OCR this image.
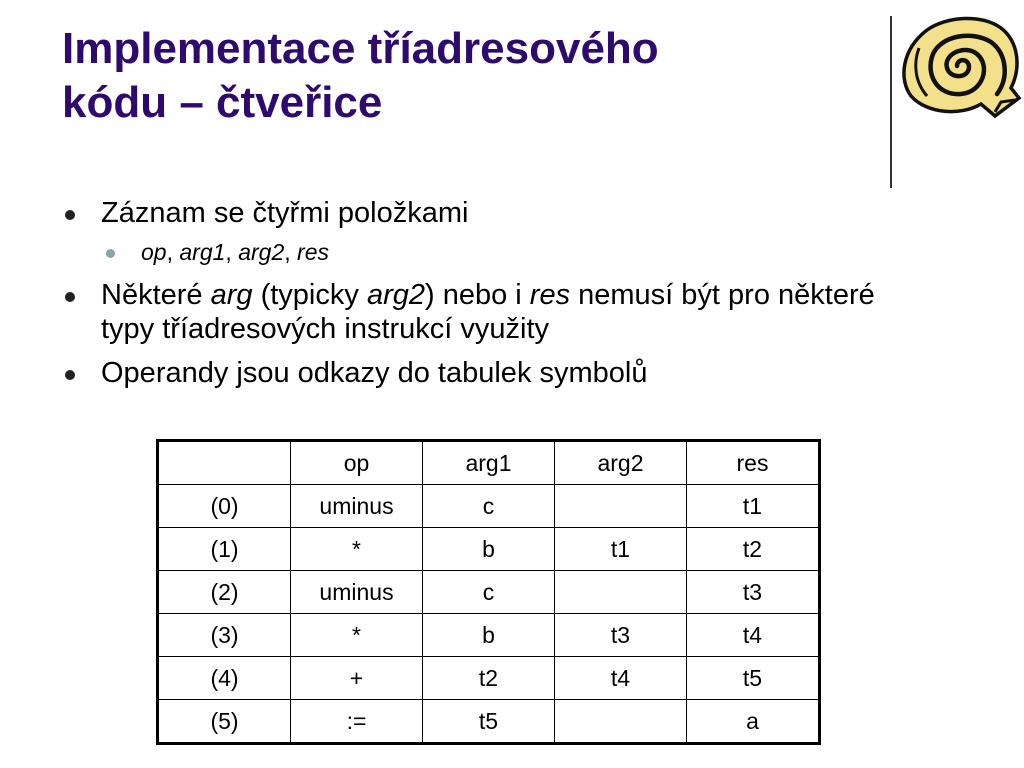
Implementace tříadresového
kódu – čtveřice
Záznam se čtyřmi položkami
op, arg1, arg2, res
Některé arg (typicky arg2) nebo i res nemusí být pro některé typy tříadresových instrukcí využity
Operandy jsou odkazy do tabulek symbolů
	op	arg1	arg2	res
(0)	uminus	c		t1
(1)	*	b	t1	t2
(2)	uminus	c		t3
(3)	*	b	t3	t4
(4)	+	t2	t4	t5
(5)	:=	t5		a
